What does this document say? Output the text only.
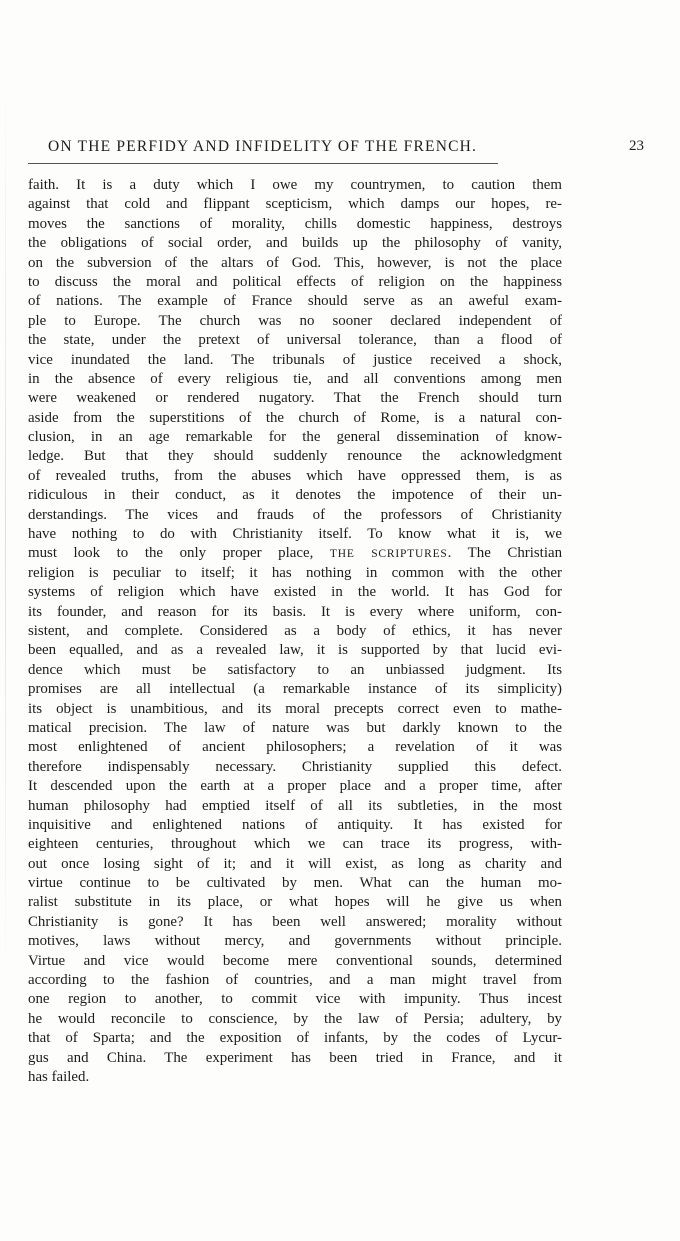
ON THE PERFIDY AND INFIDELITY OF THE FRENCH.	23
faith. It is a duty which I owe my countrymen, to caution them
against that cold and flippant scepticism, which damps our hopes, re-
moves the sanctions of morality, chills domestic happiness, destroys
the obligations of social order, and builds up the philosophy of vanity,
on the subversion of the altars of God. This, however, is not the place
to discuss the moral and political effects of religion on the happiness
of nations. The example of France should serve as an aweful exam-
ple to Europe. The church was no sooner declared independent of
the state, under the pretext of universal tolerance, than a flood of
vice inundated the land. The tribunals of justice received a shock,
in the absence of every religious tie, and all conventions among men
were weakened or rendered nugatory. That the French should turn
aside from the superstitions of the church of Rome, is a natural con-
clusion, in an age remarkable for the general dissemination of know-
ledge. But that they should suddenly renounce the acknowledgment
of revealed truths, from the abuses which have oppressed them, is as
ridiculous in their conduct, as it denotes the impotence of their un-
derstandings. The vices and frauds of the professors of Christianity
have nothing to do with Christianity itself. To know what it is, we
must look to the only proper place, THE SCRIPTURES. The Christian
religion is peculiar to itself; it has nothing in common with the other
systems of religion which have existed in the world. It has God for
its founder, and reason for its basis. It is every where uniform, con-
sistent, and complete. Considered as a body of ethics, it has never
been equalled, and as a revealed law, it is supported by that lucid evi-
dence which must be satisfactory to an unbiassed judgment. Its
promises are all intellectual (a remarkable instance of its simplicity)
its object is unambitious, and its moral precepts correct even to mathe-
matical precision. The law of nature was but darkly known to the
most enlightened of ancient philosophers; a revelation of it was
therefore indispensably necessary. Christianity supplied this defect.
It descended upon the earth at a proper place and a proper time, after
human philosophy had emptied itself of all its subtleties, in the most
inquisitive and enlightened nations of antiquity. It has existed for
eighteen centuries, throughout which we can trace its progress, with-
out once losing sight of it; and it will exist, as long as charity and
virtue continue to be cultivated by men. What can the human mo-
ralist substitute in its place, or what hopes will he give us when
Christianity is gone? It has been well answered; morality without
motives, laws without mercy, and governments without principle.
Virtue and vice would become mere conventional sounds, determined
according to the fashion of countries, and a man might travel from
one region to another, to commit vice with impunity. Thus incest
he would reconcile to conscience, by the law of Persia; adultery, by
that of Sparta; and the exposition of infants, by the codes of Lycur-
gus and China. The experiment has been tried in France, and it
has failed.
